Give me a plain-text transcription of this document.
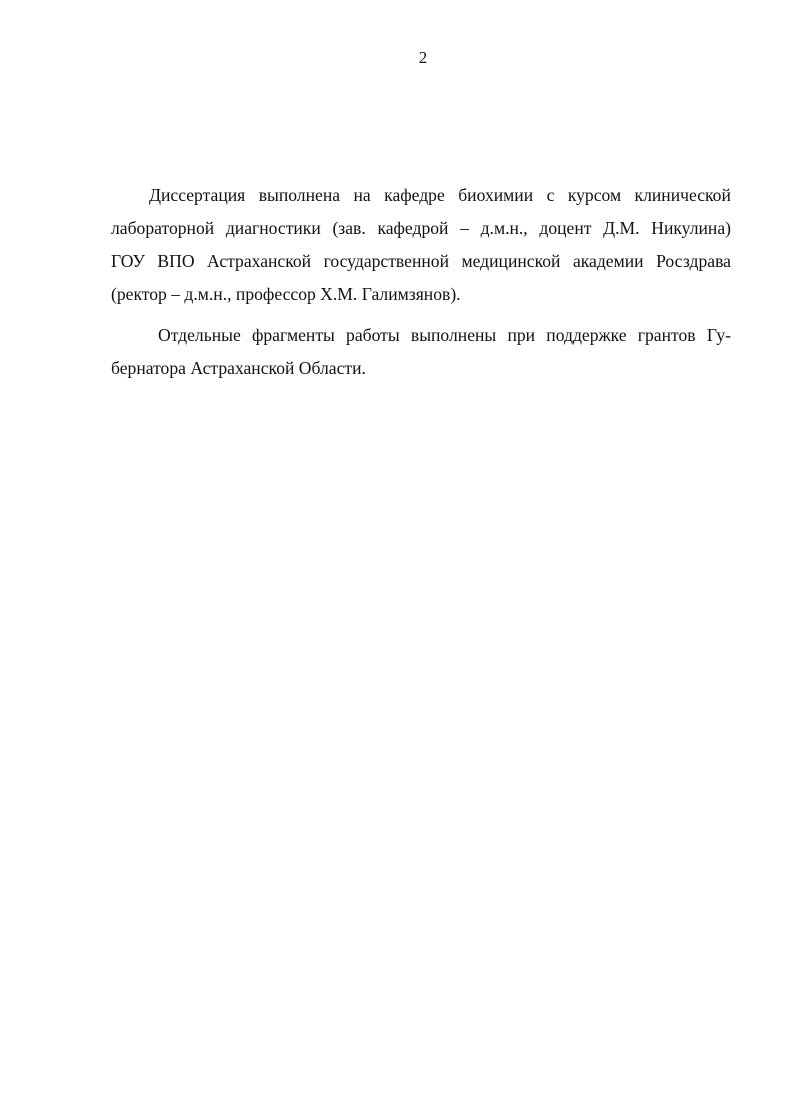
2
Диссертация выполнена на кафедре биохимии с курсом клинической
лабораторной диагностики (зав. кафедрой – д.м.н., доцент Д.М. Никулина)
ГОУ ВПО Астраханской государственной медицинской академии Росздрава
(ректор – д.м.н., профессор Х.М. Галимзянов).
Отдельные фрагменты работы выполнены при поддержке грантов Гу-
бернатора Астраханской Области.
